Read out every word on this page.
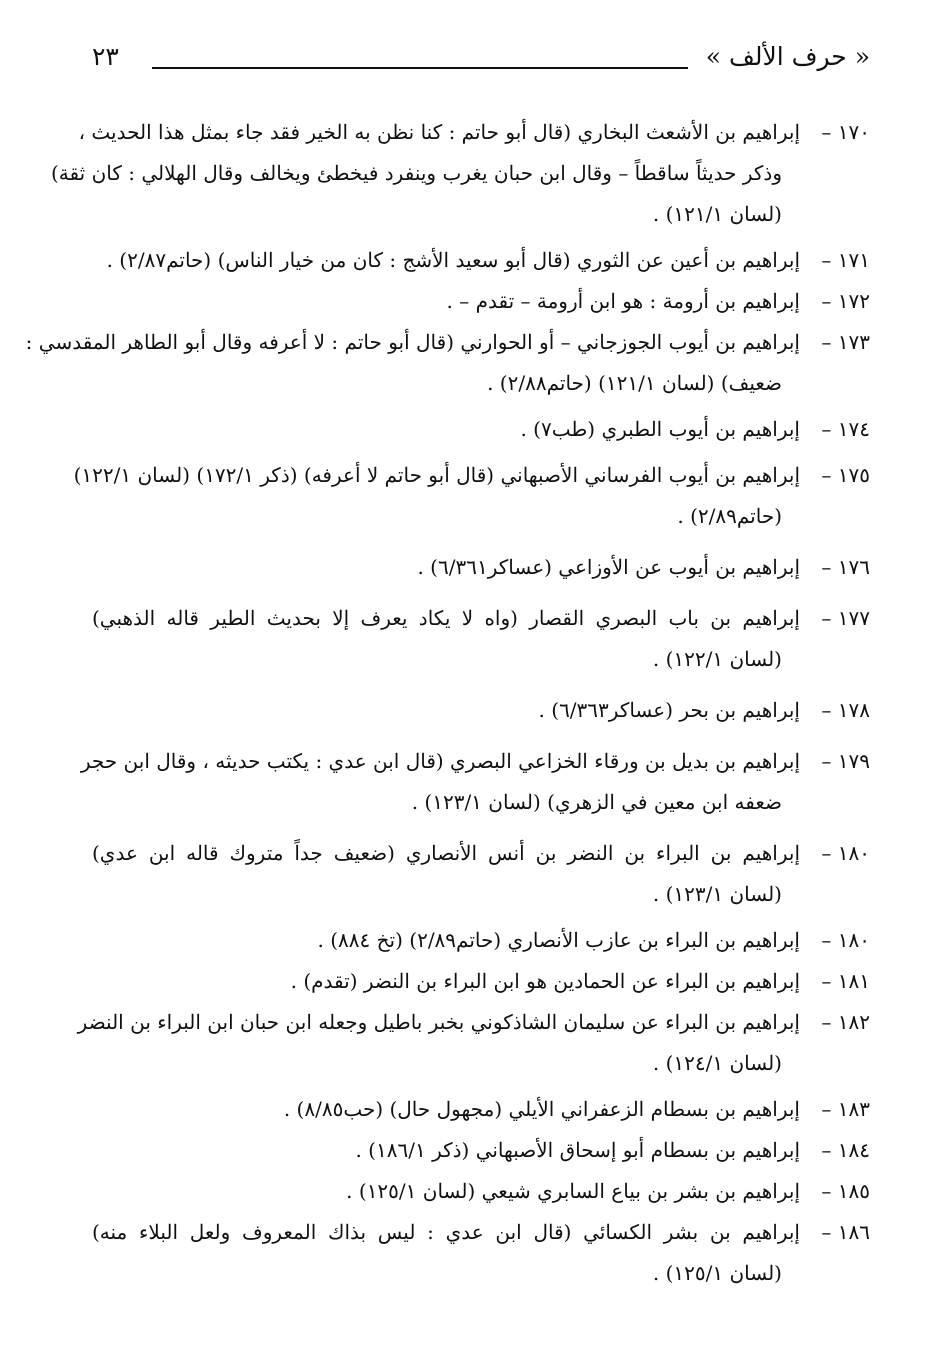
« حرف الألف »
٢٣
١٧٠ –
إبراهيم بن الأشعث البخاري (قال أبو حاتم : كنا نظن به الخير فقد جاء بمثل هذا الحديث ،
وذكر حديثاً ساقطاً – وقال ابن حبان يغرب وينفرد فيخطئ ويخالف وقال الهلالي : كان ثقة)
(لسان ١٢١/١) .
١٧١ –
إبراهيم بن أعين عن الثوري (قال أبو سعيد الأشج : كان من خيار الناس) (حاتم٢/٨٧) .
١٧٢ –
إبراهيم بن أرومة : هو ابن أرومة – تقدم – .
١٧٣ –
إبراهيم بن أيوب الجوزجاني – أو الحوارني (قال أبو حاتم : لا أعرفه وقال أبو الطاهر المقدسي :
ضعيف) (لسان ١٢١/١) (حاتم٢/٨٨) .
١٧٤ –
إبراهيم بن أيوب الطبري (طب٧) .
١٧٥ –
إبراهيم بن أيوب الفرساني الأصبهاني (قال أبو حاتم لا أعرفه) (ذكر ١٧٢/١) (لسان ١٢٢/١)
(حاتم٢/٨٩) .
١٧٦ –
إبراهيم بن أيوب عن الأوزاعي (عساكر٦/٣٦١) .
١٧٧ –
إبراهيم بن باب البصري القصار (واه لا يكاد يعرف إلا بحديث الطير قاله الذهبي)
(لسان ١٢٢/١) .
١٧٨ –
إبراهيم بن بحر (عساكر٦/٣٦٣) .
١٧٩ –
إبراهيم بن بديل بن ورقاء الخزاعي البصري (قال ابن عدي : يكتب حديثه ، وقال ابن حجر
ضعفه ابن معين في الزهري) (لسان ١٢٣/١) .
١٨٠ –
إبراهيم بن البراء بن النضر بن أنس الأنصاري (ضعيف جداً متروك قاله ابن عدي)
(لسان ١٢٣/١) .
١٨٠ –
إبراهيم بن البراء بن عازب الأنصاري (حاتم٢/٨٩) (تخ ٨٨٤) .
١٨١ –
إبراهيم بن البراء عن الحمادين هو ابن البراء بن النضر (تقدم) .
١٨٢ –
إبراهيم بن البراء عن سليمان الشاذكوني بخبر باطيل وجعله ابن حبان ابن البراء بن النضر
(لسان ١٢٤/١) .
١٨٣ –
إبراهيم بن بسطام الزعفراني الأيلي (مجهول حال) (حب٨/٨٥) .
١٨٤ –
إبراهيم بن بسطام أبو إسحاق الأصبهاني (ذكر ١٨٦/١) .
١٨٥ –
إبراهيم بن بشر بن بياع السابري شيعي (لسان ١٢٥/١) .
١٨٦ –
إبراهيم بن بشر الكسائي (قال ابن عدي : ليس بذاك المعروف ولعل البلاء منه)
(لسان ١٢٥/١) .
